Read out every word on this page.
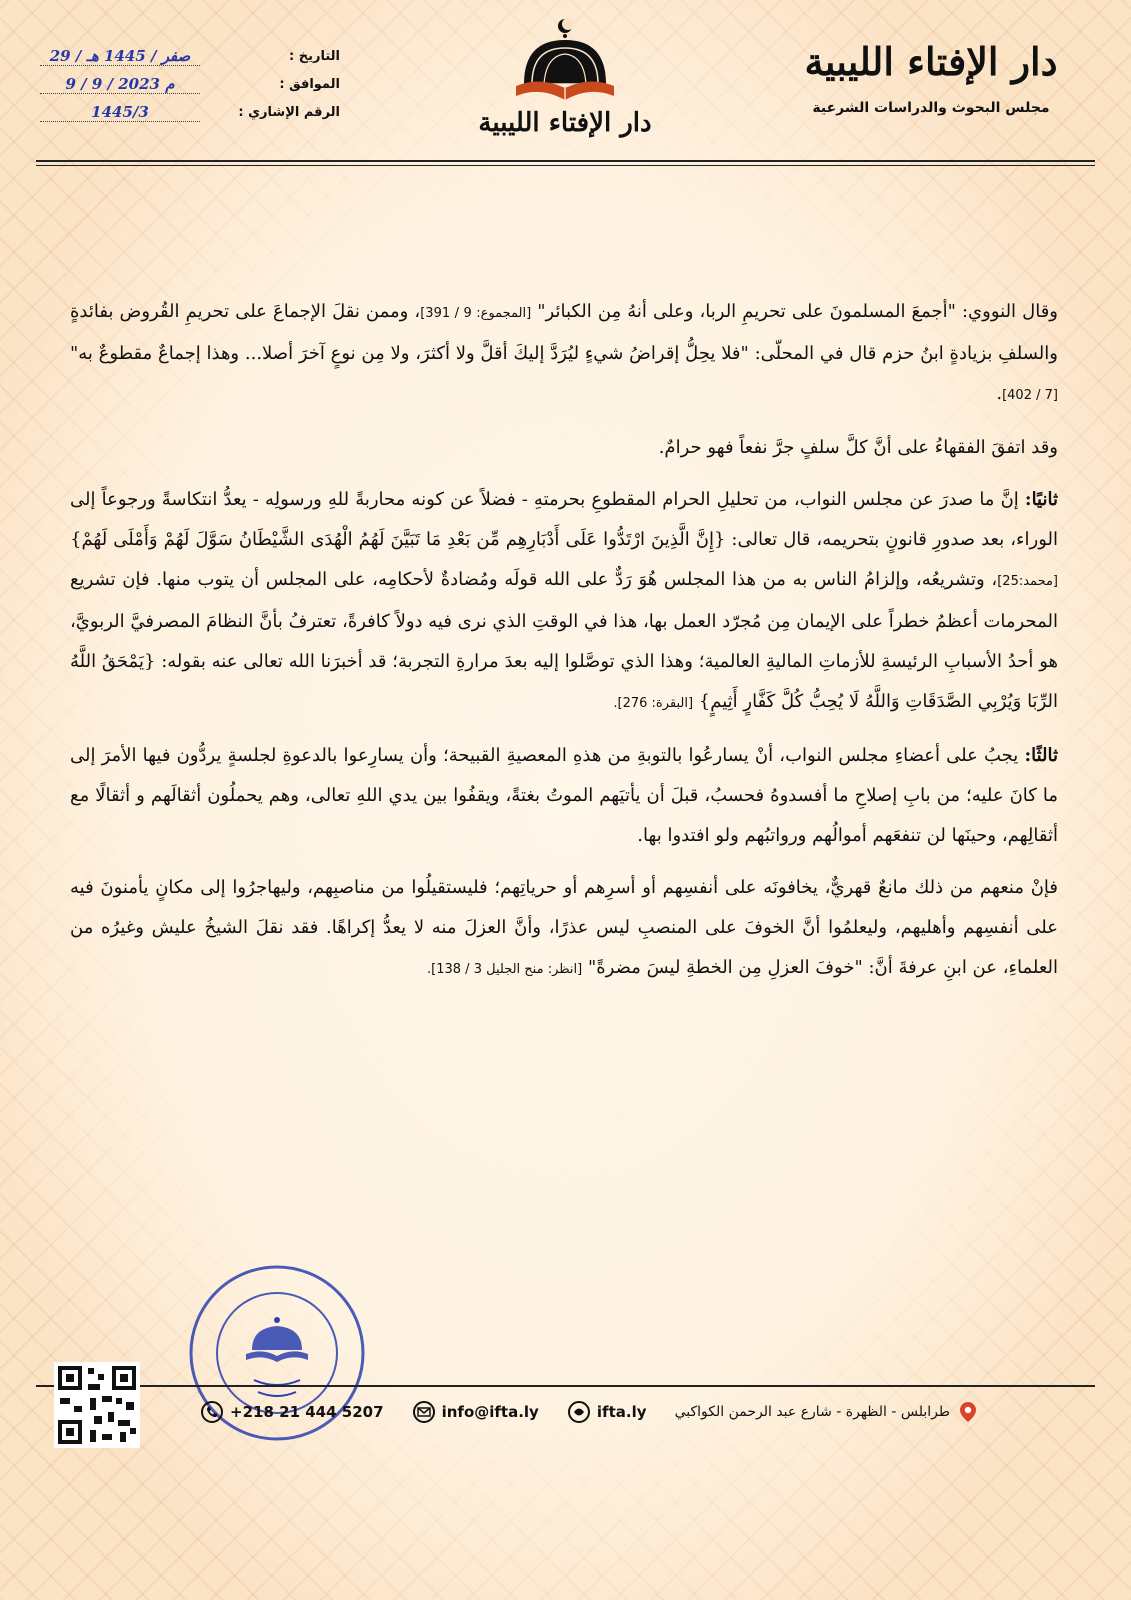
دار الإفتاء الليبية
مجلس البحوث والدراسات الشرعية
دار الإفتاء الليبية
التاريخ :
29 / صفر / 1445 هـ
الموافق :
9 / 9 / 2023 م
الرقم الإشاري :
1445/3

وقال النووي: "أجمعَ المسلمونَ على تحريمِ الربا، وعلى أنهُ مِن الكبائر" [المجموع: 9 / 391]، وممن نقلَ الإجماعَ على تحريمِ القُروض بفائدةٍ والسلفِ بزيادةٍ ابنُ حزم قال في المحلّى: "فلا يحِلُّ إقراضُ شيءٍ ليُرَدَّ إليكَ أقلَّ ولا أكثرَ، ولا مِن نوعٍ آخرَ أصلا... وهذا إجماعٌ مقطوعٌ به" [7 / 402].

وقد اتفقَ الفقهاءُ على أنَّ كلَّ سلفٍ جرَّ نفعاً فهو حرامٌ.

ثانيًا: إنَّ ما صدرَ عن مجلس النواب، من تحليلِ الحرام المقطوعِ بحرمتهِ - فضلاً عن كونه محاربةً للهِ ورسولِه - يعدُّ انتكاسةً ورجوعاً إلى الوراء، بعد صدورِ قانونٍ بتحريمه، قال تعالى: {إِنَّ الَّذِينَ ارْتَدُّوا عَلَى أَدْبَارِهِم مِّن بَعْدِ مَا تَبَيَّنَ لَهُمُ الْهُدَى الشَّيْطَانُ سَوَّلَ لَهُمْ وَأَمْلَى لَهُمْ} [محمد:25]، وتشريعُه، وإلزامُ الناس به من هذا المجلس هُوَ رَدٌّ على الله قولَه ومُضادةٌ لأحكامِه، على المجلس أن يتوب منها. فإن تشريع المحرمات أعظمُ خطراً على الإيمان مِن مُجرّد العمل بها، هذا في الوقتِ الذي نرى فيه دولاً كافرةً، تعترفُ بأنَّ النظامَ المصرفيَّ الربويَّ، هو أحدُ الأسبابِ الرئيسةِ للأزماتِ الماليةِ العالمية؛ وهذا الذي توصَّلوا إليه بعدَ مرارةِ التجربة؛ قد أخبرَنا الله تعالى عنه بقوله: {يَمْحَقُ اللَّهُ الرِّبَا وَيُرْبِي الصَّدَقَاتِ وَاللَّهُ لَا يُحِبُّ كُلَّ كَفَّارٍ أَثِيمٍ} [البقرة: 276].

ثالثًا: يجبُ على أعضاءِ مجلس النواب، أنْ يسارعُوا بالتوبةِ من هذهِ المعصيةِ القبيحة؛ وأن يسارِعوا بالدعوةِ لجلسةٍ يردُّون فيها الأمرَ إلى ما كانَ عليه؛ من بابِ إصلاحِ ما أفسدوهُ فحسبُ، قبلَ أن يأتيَهم الموتُ بغتةً، ويقفُوا بين يدي اللهِ تعالى، وهم يحملُون أثقالَهم و أثقالًا مع أثقالِهم، وحينَها لن تنفعَهم أموالُهم ورواتبُهم ولو افتدوا بها.

فإنْ منعهم من ذلك مانعٌ قهريٌّ، يخافونَه على أنفسِهم أو أسرِهم أو حرياتِهم؛ فليستقيلُوا من مناصبِهم، وليهاجرُوا إلى مكانٍ يأمنونَ فيه على أنفسِهم وأهليهم، وليعلمُوا أنَّ الخوفَ على المنصبِ ليس عذرًا، وأنَّ العزلَ منه لا يعدُّ إكراهًا. فقد نقلَ الشيخُ عليش وغيرُه من العلماءِ، عن ابنِ عرفةَ أنَّ: "خوفَ العزلِ مِن الخطةِ ليسَ مضرةً" [انظر: منح الجليل 3 / 138].

طرابلس - الظهرة - شارع عبد الرحمن الكواكبي
ifta.ly
info@ifta.ly
+218 21 444 5207
